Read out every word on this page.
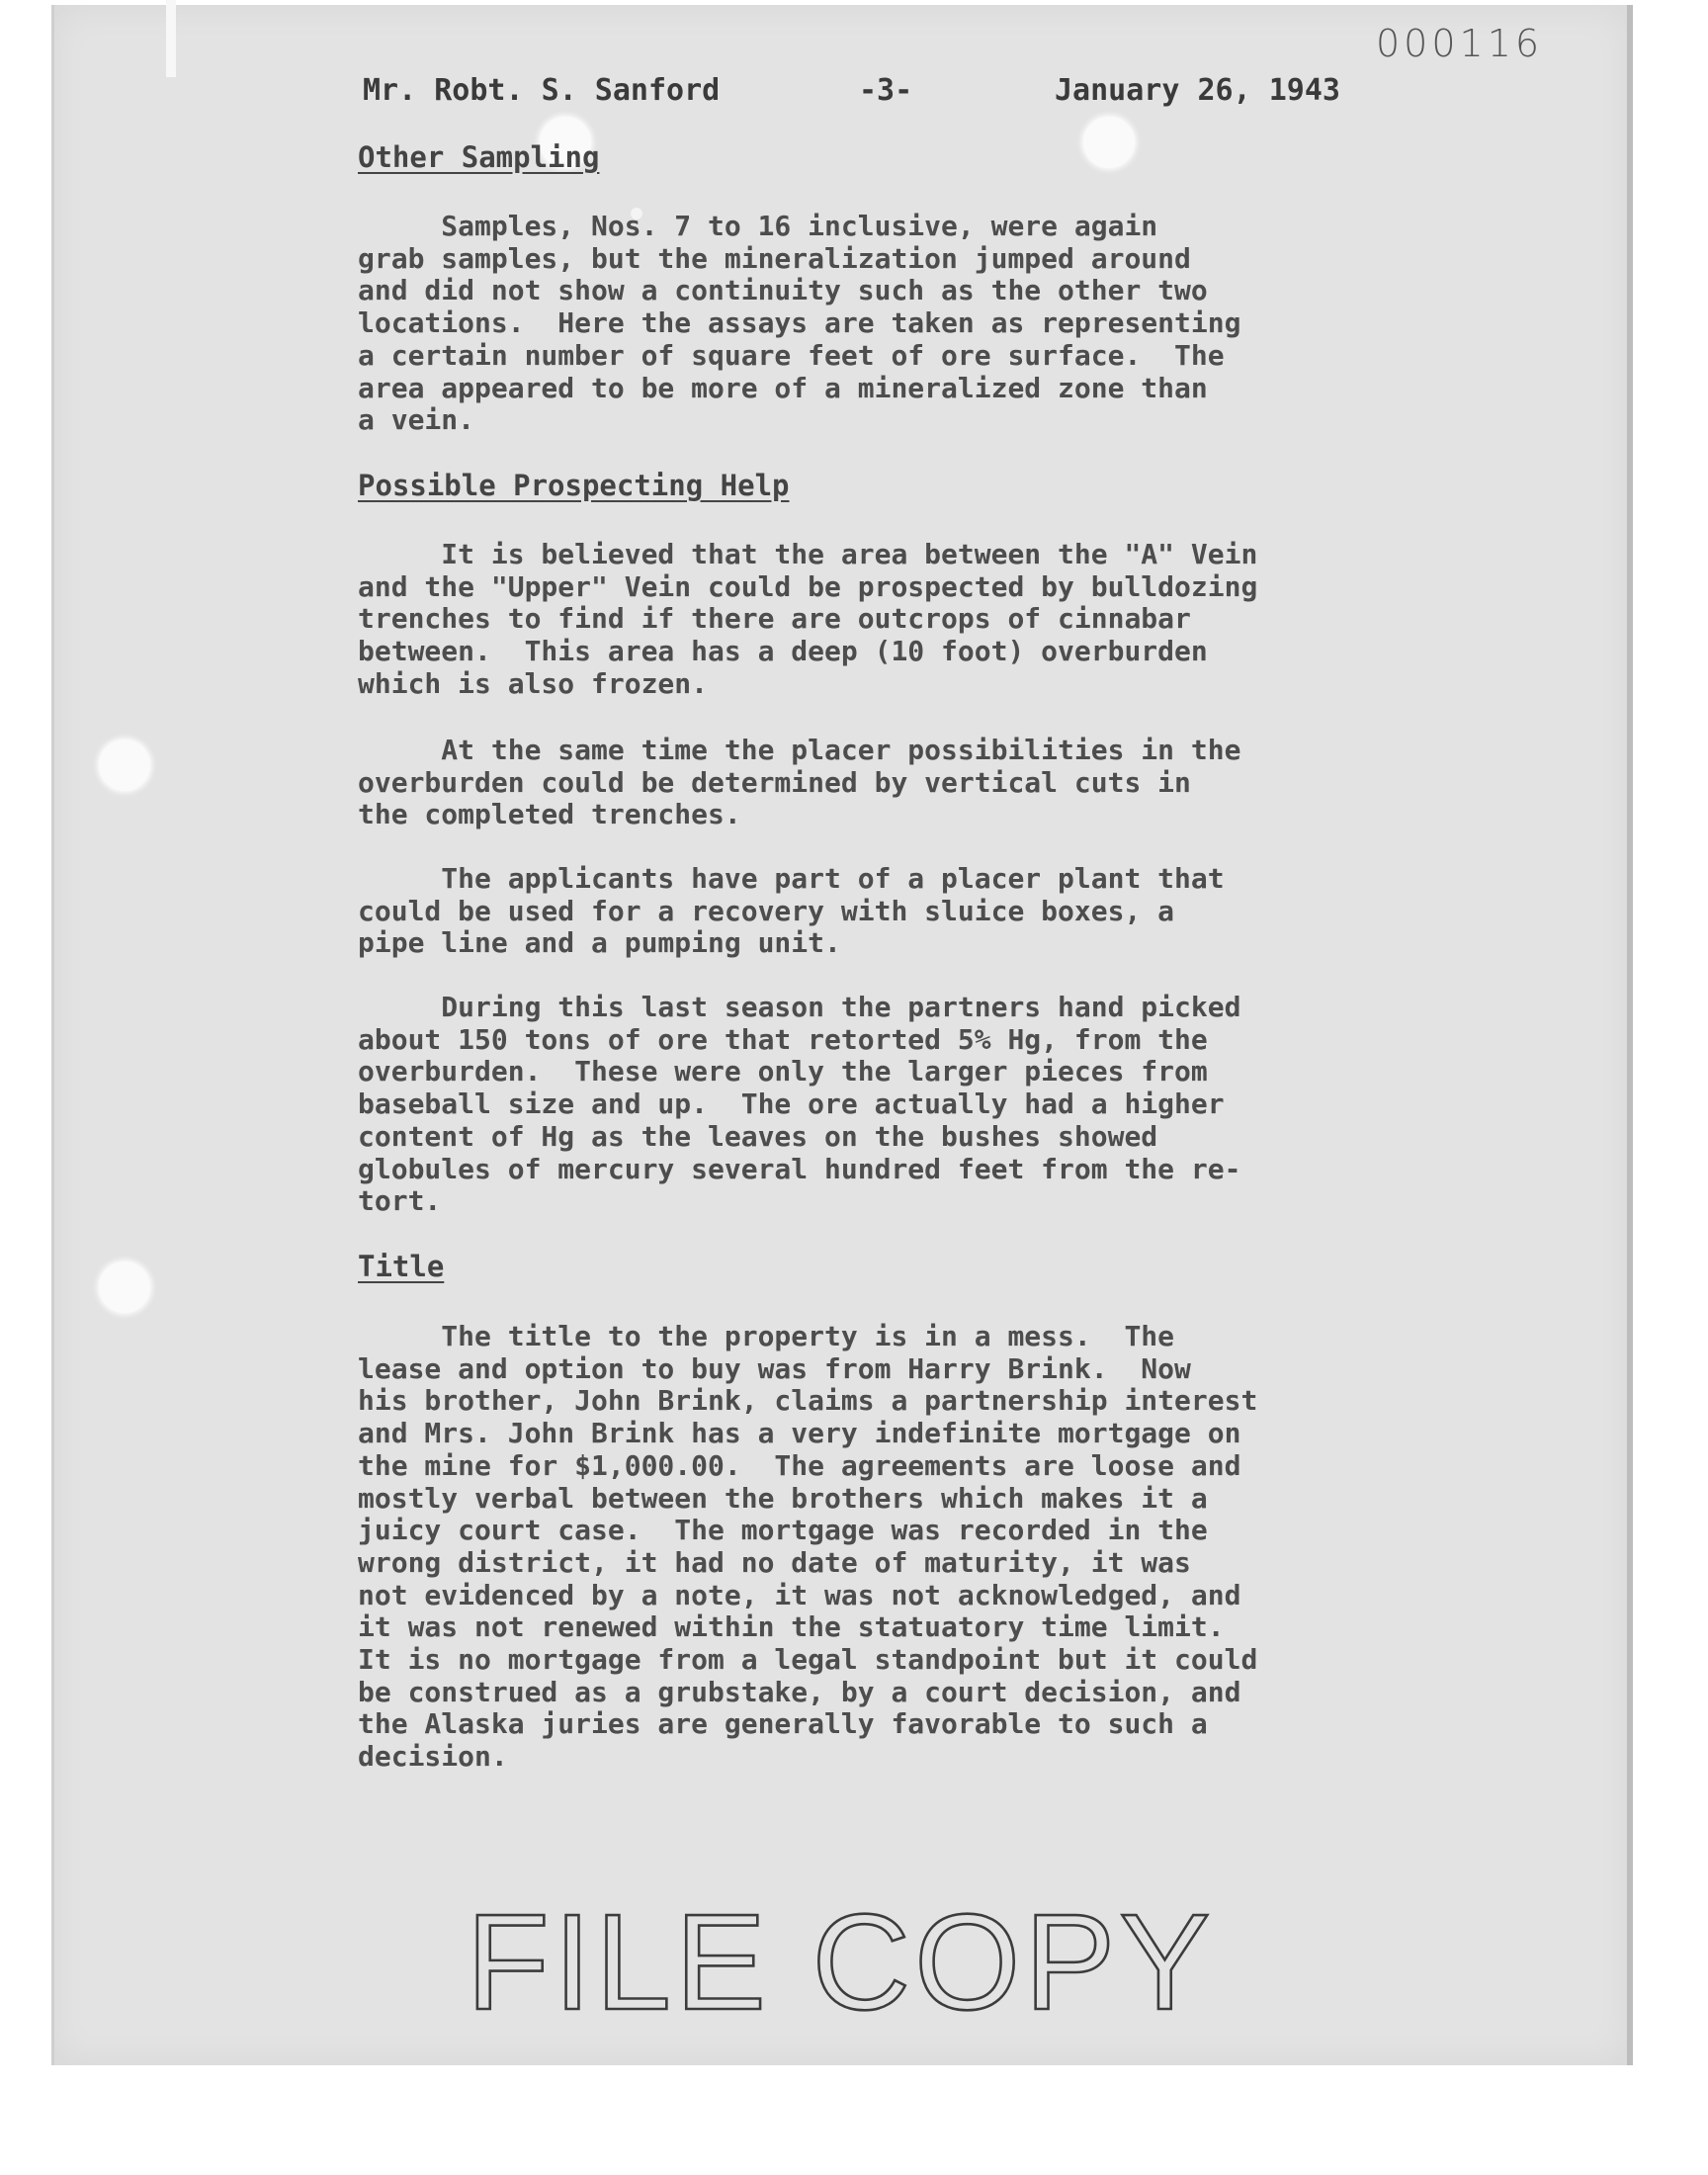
000116
Mr. Robt. S. Sanford	-3-	January 26, 1943
Other Sampling

Samples, Nos. 7 to 16 inclusive, were again
grab samples, but the mineralization jumped around
and did not show a continuity such as the other two
locations.  Here the assays are taken as representing
a certain number of square feet of ore surface.  The
area appeared to be more of a mineralized zone than
a vein.

Possible Prospecting Help

It is believed that the area between the "A" Vein
and the "Upper" Vein could be prospected by bulldozing
trenches to find if there are outcrops of cinnabar
between.  This area has a deep (10 foot) overburden
which is also frozen.

At the same time the placer possibilities in the
overburden could be determined by vertical cuts in
the completed trenches.

The applicants have part of a placer plant that
could be used for a recovery with sluice boxes, a
pipe line and a pumping unit.

During this last season the partners hand picked
about 150 tons of ore that retorted 5% Hg, from the
overburden.  These were only the larger pieces from
baseball size and up.  The ore actually had a higher
content of Hg as the leaves on the bushes showed
globules of mercury several hundred feet from the re-
tort.

Title

The title to the property is in a mess.  The
lease and option to buy was from Harry Brink.  Now
his brother, John Brink, claims a partnership interest
and Mrs. John Brink has a very indefinite mortgage on
the mine for $1,000.00.  The agreements are loose and
mostly verbal between the brothers which makes it a
juicy court case.  The mortgage was recorded in the
wrong district, it had no date of maturity, it was
not evidenced by a note, it was not acknowledged, and
it was not renewed within the statuatory time limit.
It is no mortgage from a legal standpoint but it could
be construed as a grubstake, by a court decision, and
the Alaska juries are generally favorable to such a
decision.

FILE COPY
